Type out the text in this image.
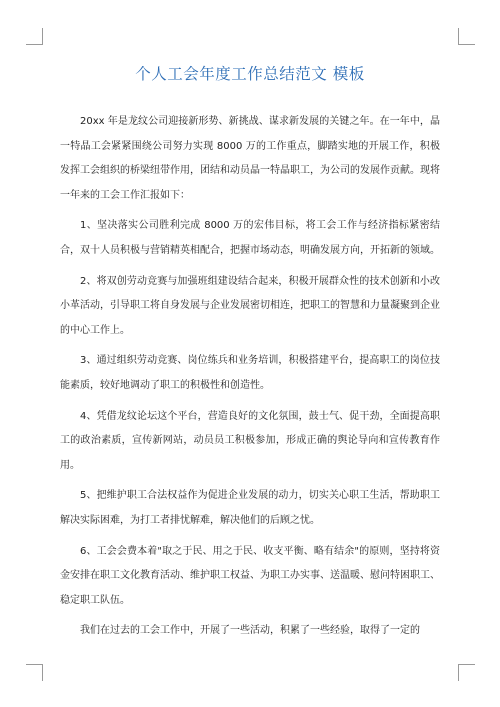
个人工会年度工作总结范文 模板

20xx 年是龙纹公司迎接新形势、新挑战、谋求新发展的关键之年。在一年中，晶一特晶工会紧紧围绕公司努力实现 8000 万的工作重点，脚踏实地的开展工作，积极发挥工会组织的桥梁纽带作用，团结和动员晶一特晶职工，为公司的发展作贡献。现将一年来的工会工作汇报如下：

1、坚决落实公司胜利完成 8000 万的宏伟目标，将工会工作与经济指标紧密结合，双十人员积极与营销精英相配合，把握市场动态，明确发展方向，开拓新的领域。

2、将双创劳动竞赛与加强班组建设结合起来，积极开展群众性的技术创新和小改小革活动，引导职工将自身发展与企业发展密切相连，把职工的智慧和力量凝聚到企业的中心工作上。

3、通过组织劳动竞赛、岗位练兵和业务培训，积极搭建平台，提高职工的岗位技能素质，较好地调动了职工的积极性和创造性。

4、凭借龙纹论坛这个平台，营造良好的文化氛围，鼓士气、促干劲，全面提高职工的政治素质，宣传新网站，动员员工积极参加，形成正确的舆论导向和宣传教育作用。

5、把维护职工合法权益作为促进企业发展的动力，切实关心职工生活，帮助职工解决实际困难，为打工者排忧解难，解决他们的后顾之忧。

6、工会会费本着"取之于民、用之于民、收支平衡、略有结余"的原则，坚持将资金安排在职工文化教育活动、维护职工权益、为职工办实事、送温暖、慰问特困职工、稳定职工队伍。

我们在过去的工会工作中，开展了一些活动，积累了一些经验，取得了一定的
